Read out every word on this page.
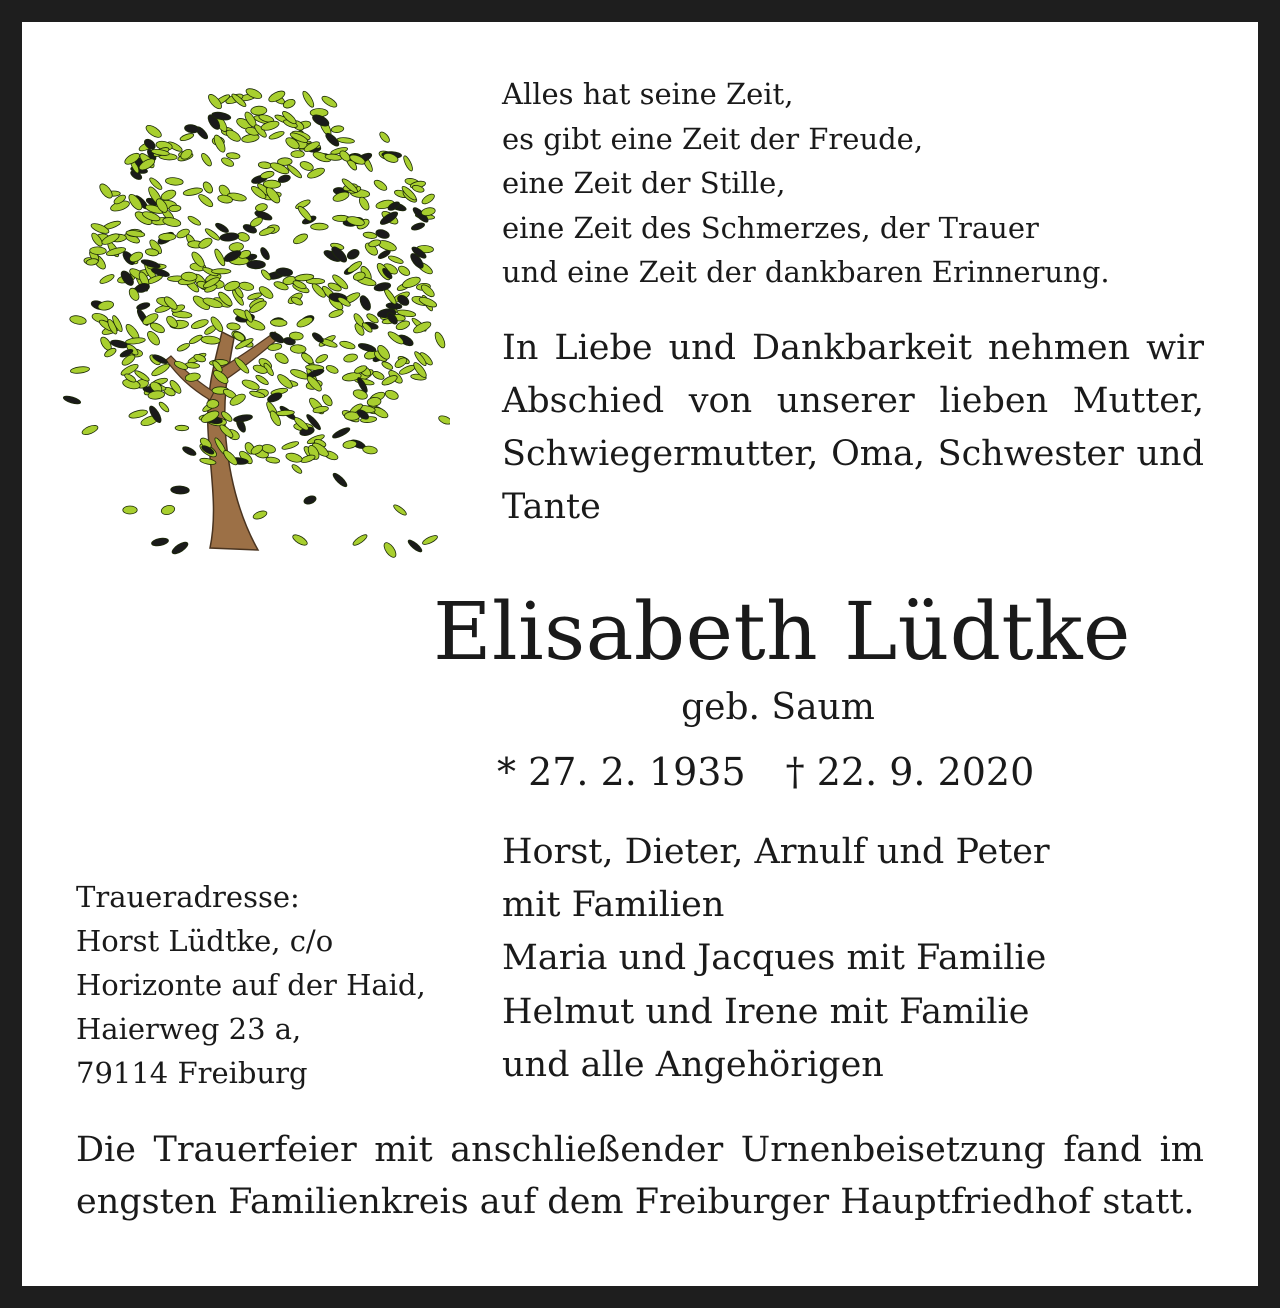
Alles hat seine Zeit,
es gibt eine Zeit der Freude,
eine Zeit der Stille,
eine Zeit des Schmerzes, der Trauer
und eine Zeit der dankbaren Erinnerung.
In Liebe und Dankbarkeit nehmen wir Abschied von unserer lieben Mutter, Schwiegermutter, Oma, Schwester und Tante
Elisabeth Lüdtke
geb. Saum
* 27. 2. 1935 † 22. 9. 2020
Horst, Dieter, Arnulf und Peter
mit Familien
Maria und Jacques mit Familie
Helmut und Irene mit Familie
und alle Angehörigen
Traueradresse:
Horst Lüdtke, c/o
Horizonte auf der Haid,
Haierweg 23 a,
79114 Freiburg
Die Trauerfeier mit anschließender Urnenbeisetzung fand im engsten Familienkreis auf dem Freiburger Hauptfriedhof statt.
